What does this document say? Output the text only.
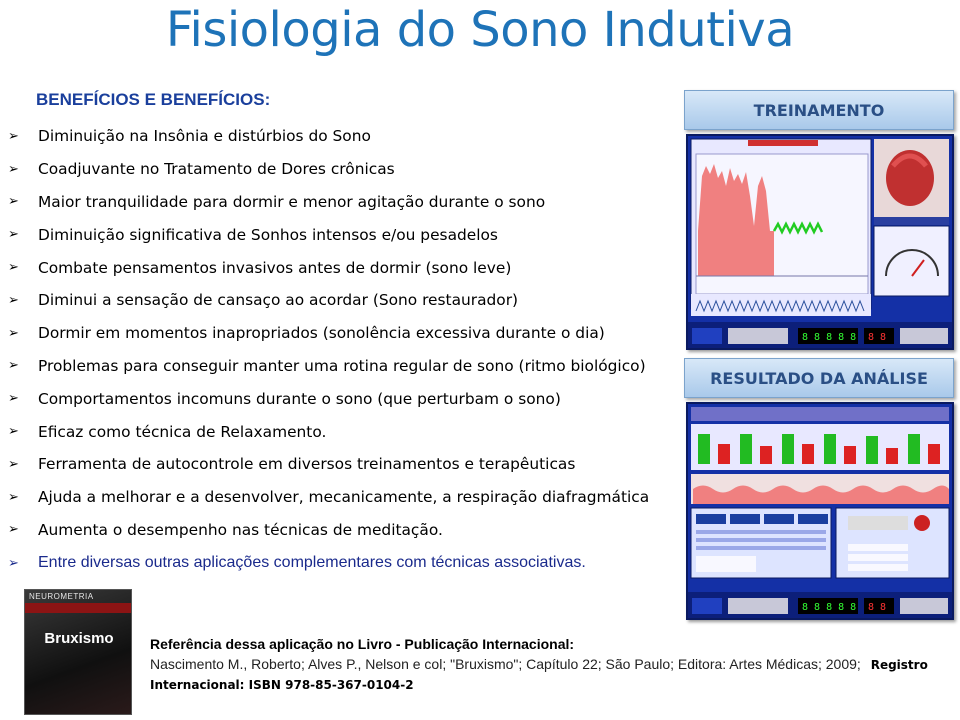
Fisiologia do Sono Indutiva
BENEFÍCIOS E BENEFÍCIOS:
➢	Diminuição na Insônia e distúrbios do Sono
➢	Coadjuvante no Tratamento de Dores crônicas
➢	Maior tranquilidade para dormir e menor agitação durante o sono
➢	Diminuição significativa de Sonhos intensos e/ou pesadelos
➢	Combate pensamentos invasivos antes de dormir (sono leve)
➢	Diminui a sensação de cansaço ao acordar (Sono restaurador)
➢	Dormir em momentos inapropriados (sonolência excessiva durante o dia)
➢	Problemas para conseguir manter uma rotina regular de sono (ritmo biológico)
➢	Comportamentos incomuns durante o sono (que perturbam o sono)
➢	Eficaz como técnica de Relaxamento.
➢	Ferramenta de autocontrole em diversos treinamentos e terapêuticas
➢	Ajuda a melhorar e a desenvolver, mecanicamente, a respiração diafragmática
➢	Aumenta o desempenho nas técnicas de meditação.
➢	Entre diversas outras aplicações complementares com técnicas associativas.
TREINAMENTO
8 8 8 8 8 8 8
RESULTADO DA ANÁLISE
8 8 8 8 8 8 8
NEUROMETRIA
Bruxismo	Referência dessa aplicação no Livro - Publicação Internacional:
Nascimento M., Roberto; Alves P., Nelson e col; "Bruxismo"; Capítulo 22; São Paulo; Editora: Artes Médicas; 2009; Registro Internacional: ISBN 978-85-367-0104-2
